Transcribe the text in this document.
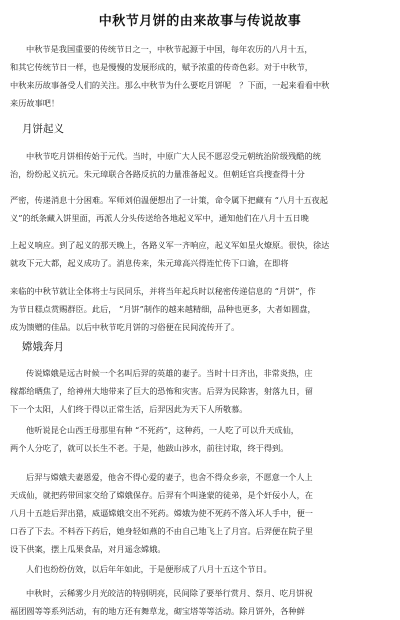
中秋节月饼的由来故事与传说故事
中秋节是我国重要的传统节日之一，中秋节起源于中国，每年农历的八月十五，
和其它传统节日一样，也是慢慢的发展形成的，赋予浓重的传奇色彩。对于中秋节，
中秋来历故事备受人们的关注。那么中秋节为什么要吃月饼呢　？下面，一起来看看中秋
来历故事吧！
月饼起义
中秋节吃月饼相传始于元代。当时，中原广大人民不愿忍受元朝统治阶级残酷的统
治，纷纷起义抗元。朱元璋联合各路反抗的力量准备起义。但朝廷官兵搜查得十分
严密，传递消息十分困难。军师刘伯温便想出了一计策，命令属下把藏有 “八月十五夜起
义”的纸条藏入饼里面，再派人分头传送给各地起义军中，通知他们在八月十五日晚
上起义响应。到了起义的那天晚上，各路义军一齐响应，起义军如星火燎原。很快，徐达
就攻下元大都，起义成功了。消息传来，朱元璋高兴得连忙传下口谕，在即将
来临的中秋节就让全体将士与民同乐，并将当年起兵时以秘密传递信息的 “月饼”，作
为节日糕点赏赐群臣。此后， “月饼”制作的越来越精细，品种也更多，大者如圆盘，
成为馈赠的佳品。以后中秋节吃月饼的习俗便在民间流传开了。
嫦娥奔月
传说嫦娥是远古时候一个名叫后羿的英雄的妻子。当时十日齐出，非常炎热，庄
稼都给晒焦了，给神州大地带来了巨大的恐怖和灾害。后羿为民除害，射落九日，留
下一个太阳，人们终于得以正常生活，后羿因此为天下人所敬慕。
他听说昆仑山西王母那里有种 “不死药”，这种药，一人吃了可以升天成仙，
两个人分吃了，就可以长生不老。于是，他跋山涉水，前往讨取，终于得到。
后羿与嫦娥夫妻恩爱，他舍不得心爱的妻子，也舍不得众乡亲，不愿意一个人上
天成仙，就把药带回家交给了嫦娥保存。后羿有个叫逢蒙的徒弟，是个奸佞小人，在
八月十五趁后羿出猎，威逼嫦娥交出不死药。嫦娥为使不死药不落入坏人手中，便一
口吞了下去。不料吞下药后，她身轻如燕的不由自己地飞上了月宫。后羿便在院子里
设下供案，摆上瓜果食品，对月遥念嫦娥。
人们也纷纷仿效，以后年年如此，于是便形成了八月十五这个节日。
中秋时，云稀雾少月光皎洁的特别明亮，民间除了要举行赏月、祭月、吃月饼祝
福团圆等等系列活动，有的地方还有舞草龙，砌宝塔等等活动。除月饼外，各种鲜
